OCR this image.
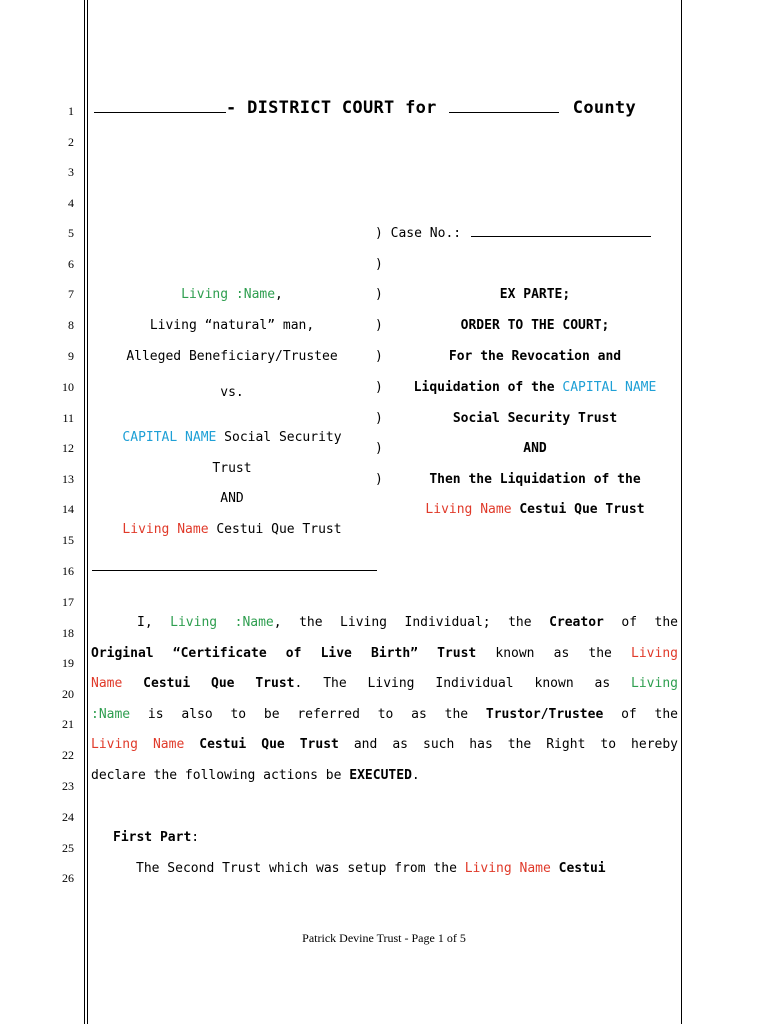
1
2
3
4
5
6
7
8
9
10
11
12
13
14
15
16
17
18
19
20
21
22
23
24
25
26
- DISTRICT COURT for	County
) Case No.:
)
)
)
)
)
)
)
)
Living :Name,
Living “natural” man,
Alleged Beneficiary/Trustee
vs.
CAPITAL NAME Social Security
Trust
AND
Living Name Cestui Que Trust
EX PARTE;
ORDER TO THE COURT;
For the Revocation and
Liquidation of the CAPITAL NAME
Social Security Trust
AND
Then the Liquidation of the
Living Name Cestui Que Trust
I, Living :Name, the Living Individual; the Creator of the
Original “Certificate of Live Birth” Trust known as the Living
Name Cestui Que Trust. The Living Individual known as Living
:Name is also to be referred to as the Trustor/Trustee of the
Living Name Cestui Que Trust and as such has the Right to hereby
declare the following actions be EXECUTED.
First Part:
The Second Trust which was setup from the Living Name Cestui
Patrick Devine Trust - Page 1 of 5
